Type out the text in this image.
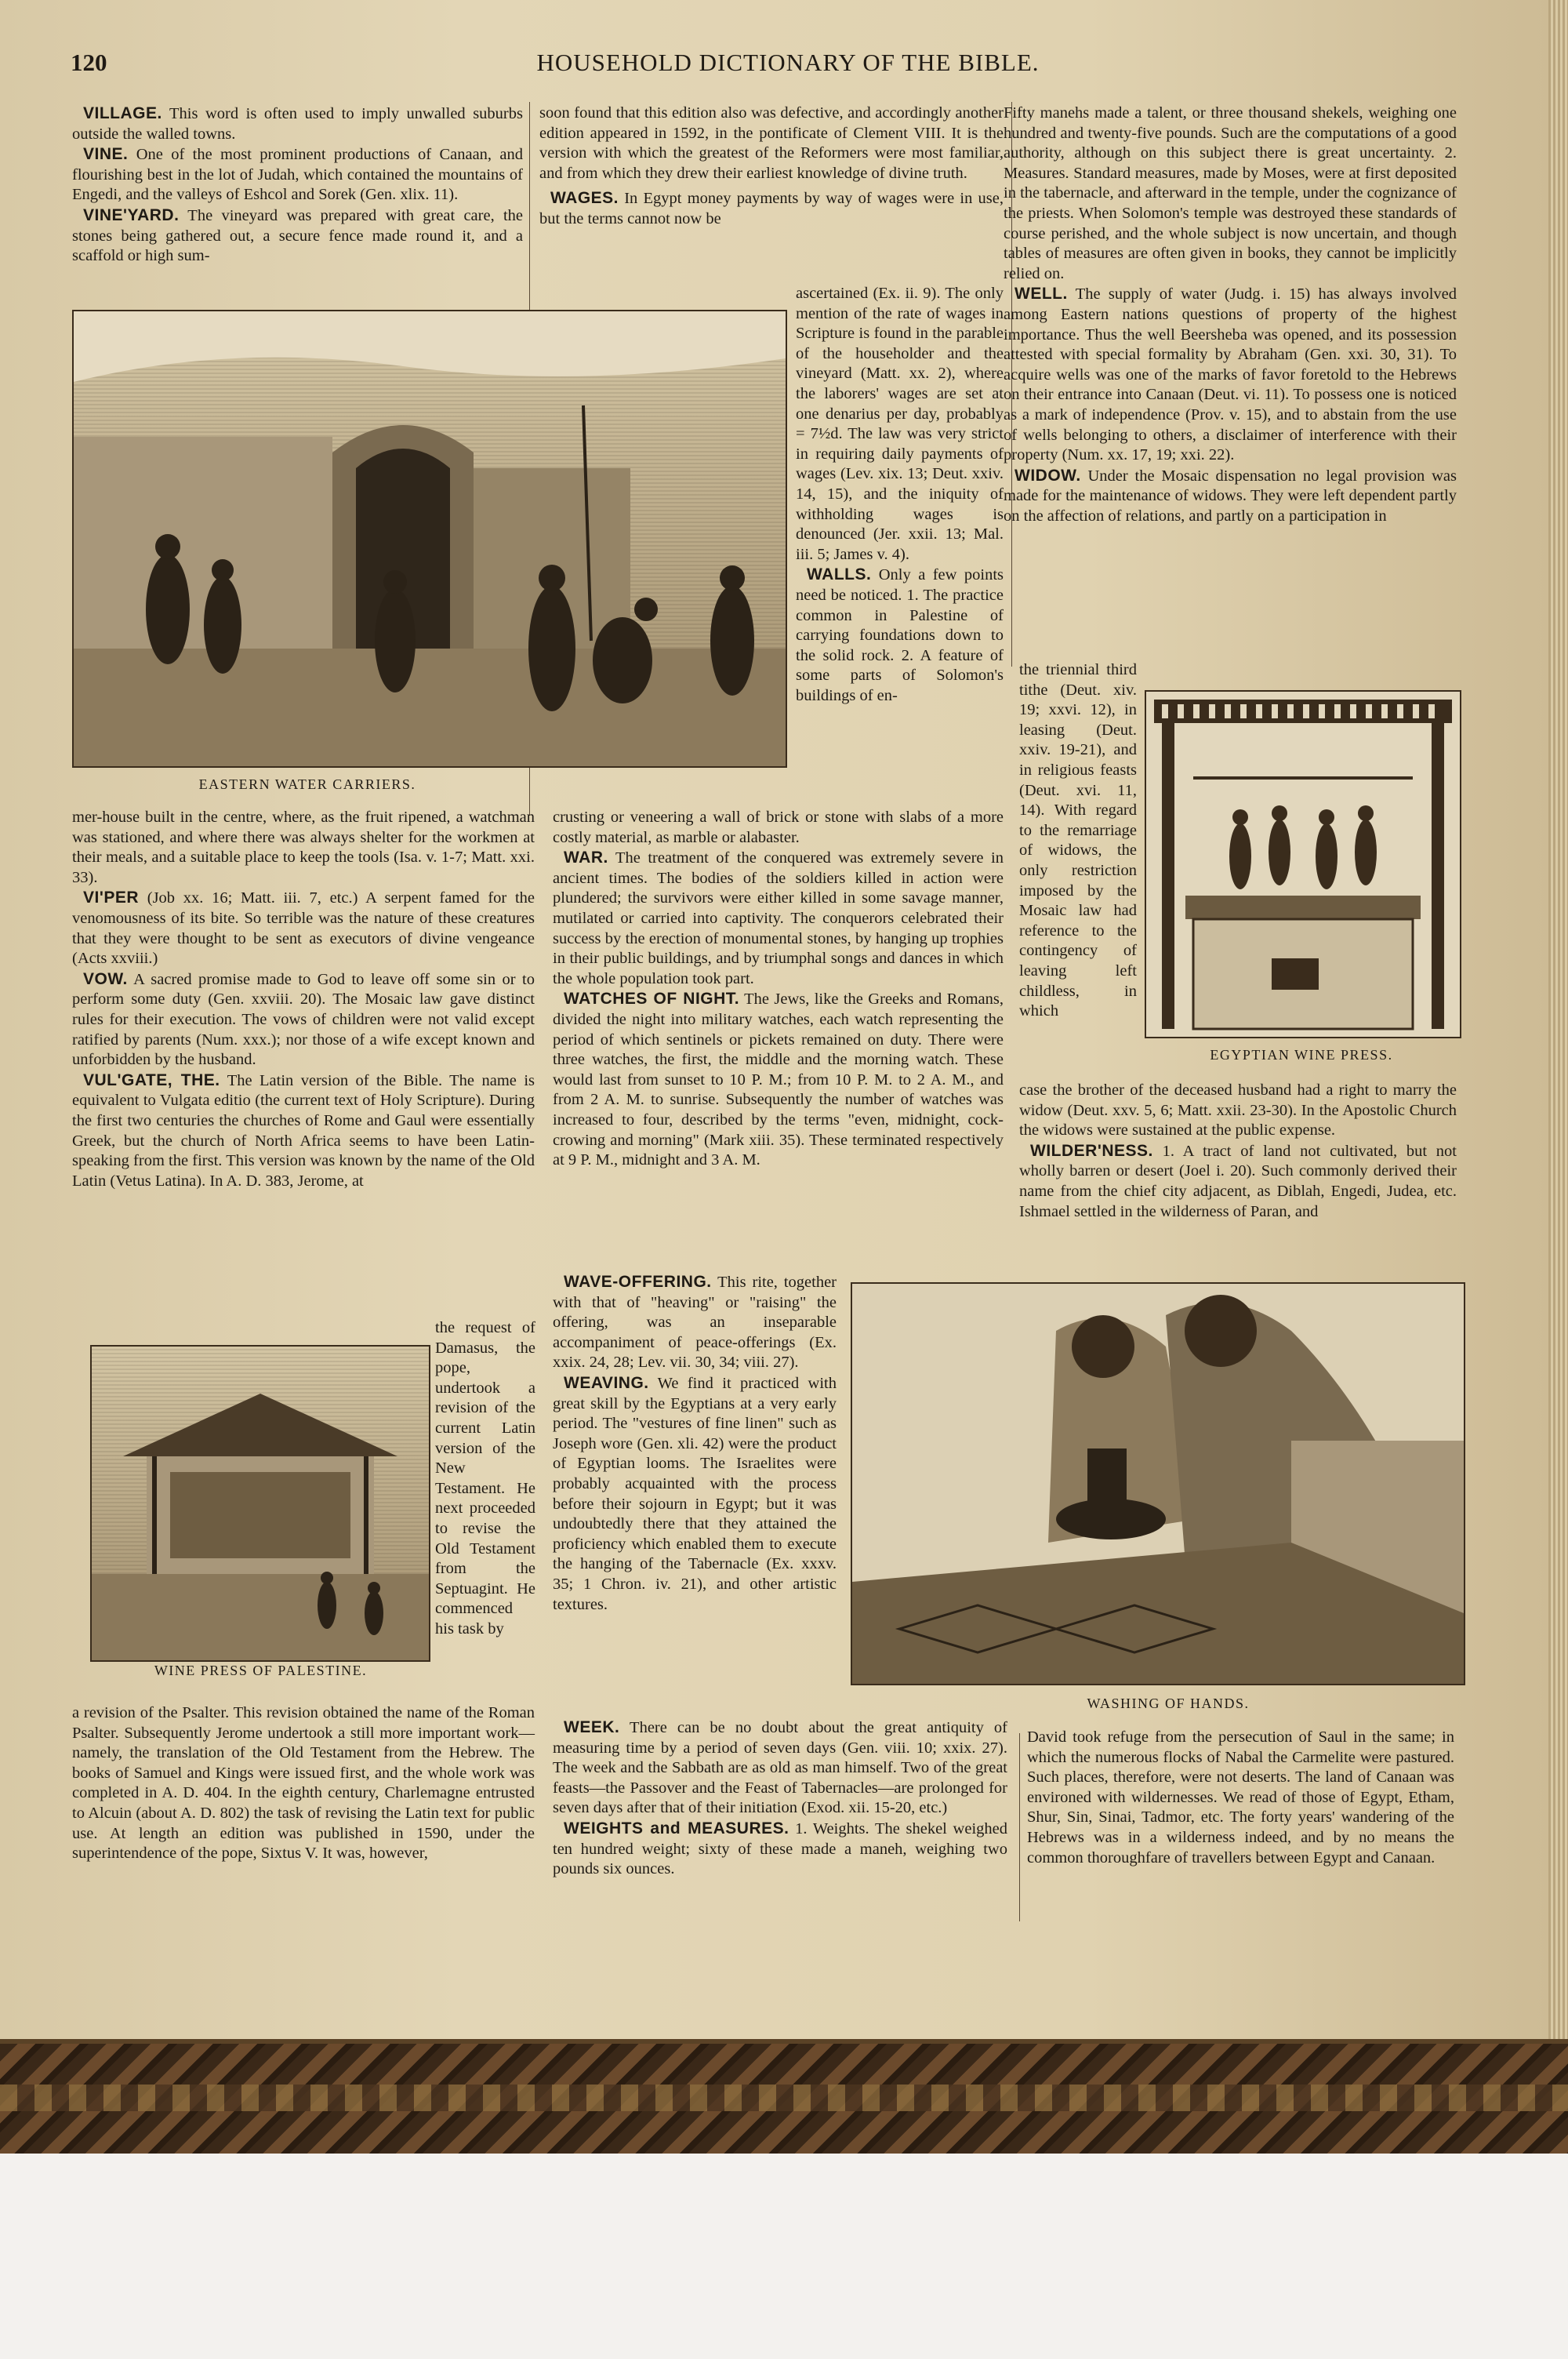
120	HOUSEHOLD DICTIONARY OF THE BIBLE.

VILLAGE. This word is often used to imply unwalled suburbs outside the walled towns.

VINE. One of the most prominent productions of Canaan, and flourishing best in the lot of Judah, which contained the mountains of Engedi, and the valleys of Eshcol and Sorek (Gen. xlix. 11).

VINE'YARD. The vineyard was prepared with great care, the stones being gathered out, a secure fence made round it, and a scaffold or high sum-

EASTERN WATER CARRIERS.

mer-house built in the centre, where, as the fruit ripened, a watchman was stationed, and where there was always shelter for the workmen at their meals, and a suitable place to keep the tools (Isa. v. 1-7; Matt. xxi. 33).

VI'PER (Job xx. 16; Matt. iii. 7, etc.) A serpent famed for the venomousness of its bite. So terrible was the nature of these creatures that they were thought to be sent as executors of divine vengeance (Acts xxviii.)

VOW. A sacred promise made to God to leave off some sin or to perform some duty (Gen. xxviii. 20). The Mosaic law gave distinct rules for their execution. The vows of children were not valid except ratified by parents (Num. xxx.); nor those of a wife except known and unforbidden by the husband.

VUL'GATE, THE. The Latin version of the Bible. The name is equivalent to Vulgata editio (the current text of Holy Scripture). During the first two centuries the churches of Rome and Gaul were essentially Greek, but the church of North Africa seems to have been Latin-speaking from the first. This version was known by the name of the Old Latin (Vetus Latina). In A. D. 383, Jerome, at

WINE PRESS OF PALESTINE.

the request of Damasus, the pope, undertook a revision of the current Latin version of the New Testament. He next proceeded to revise the Old Testament from the Septuagint. He commenced his task by

a revision of the Psalter. This revision obtained the name of the Roman Psalter. Subsequently Jerome undertook a still more important work—namely, the translation of the Old Testament from the Hebrew. The books of Samuel and Kings were issued first, and the whole work was completed in A. D. 404. In the eighth century, Charlemagne entrusted to Alcuin (about A. D. 802) the task of revising the Latin text for public use. At length an edition was published in 1590, under the superintendence of the pope, Sixtus V. It was, however,

soon found that this edition also was defective, and accordingly another edition appeared in 1592, in the pontificate of Clement VIII. It is the version with which the greatest of the Reformers were most familiar, and from which they drew their earliest knowledge of divine truth.

WAGES. In Egypt money payments by way of wages were in use, but the terms cannot now be

ascertained (Ex. ii. 9). The only mention of the rate of wages in Scripture is found in the parable of the householder and the vineyard (Matt. xx. 2), where the laborers' wages are set at one denarius per day, probably = 7½d. The law was very strict in requiring daily payments of wages (Lev. xix. 13; Deut. xxiv. 14, 15), and the iniquity of withholding wages is denounced (Jer. xxii. 13; Mal. iii. 5; James v. 4).

WALLS. Only a few points need be noticed. 1. The practice common in Palestine of carrying foundations down to the solid rock. 2. A feature of some parts of Solomon's buildings of en-

crusting or veneering a wall of brick or stone with slabs of a more costly material, as marble or alabaster.

WAR. The treatment of the conquered was extremely severe in ancient times. The bodies of the soldiers killed in action were plundered; the survivors were either killed in some savage manner, mutilated or carried into captivity. The conquerors celebrated their success by the erection of monumental stones, by hanging up trophies in their public buildings, and by triumphal songs and dances in which the whole population took part.

WATCHES OF NIGHT. The Jews, like the Greeks and Romans, divided the night into military watches, each watch representing the period of which sentinels or pickets remained on duty. There were three watches, the first, the middle and the morning watch. These would last from sunset to 10 P. M.; from 10 P. M. to 2 A. M., and from 2 A. M. to sunrise. Subsequently the number of watches was increased to four, described by the terms "even, midnight, cock-crowing and morning" (Mark xiii. 35). These terminated respectively at 9 P. M., midnight and 3 A. M.

WAVE-OFFERING. This rite, together with that of "heaving" or "raising" the offering, was an inseparable accompaniment of peace-offerings (Ex. xxix. 24, 28; Lev. vii. 30, 34; viii. 27).

WEAVING. We find it practiced with great skill by the Egyptians at a very early period. The "vestures of fine linen" such as Joseph wore (Gen. xli. 42) were the product of Egyptian looms. The Israelites were probably acquainted with the process before their sojourn in Egypt; but it was undoubtedly there that they attained the proficiency which enabled them to execute the hanging of the Tabernacle (Ex. xxxv. 35; 1 Chron. iv. 21), and other artistic textures.

WEEK. There can be no doubt about the great antiquity of measuring time by a period of seven days (Gen. viii. 10; xxix. 27). The week and the Sabbath are as old as man himself. Two of the great feasts—the Passover and the Feast of Tabernacles—are prolonged for seven days after that of their initiation (Exod. xii. 15-20, etc.)

WEIGHTS and MEASURES. 1. Weights. The shekel weighed ten hundred weight; sixty of these made a maneh, weighing two pounds six ounces.

Fifty manehs made a talent, or three thousand shekels, weighing one hundred and twenty-five pounds. Such are the computations of a good authority, although on this subject there is great uncertainty. 2. Measures. Standard measures, made by Moses, were at first deposited in the tabernacle, and afterward in the temple, under the cognizance of the priests. When Solomon's temple was destroyed these standards of course perished, and the whole subject is now uncertain, and though tables of measures are often given in books, they cannot be implicitly relied on.

WELL. The supply of water (Judg. i. 15) has always involved among Eastern nations questions of property of the highest importance. Thus the well Beersheba was opened, and its possession attested with special formality by Abraham (Gen. xxi. 30, 31). To acquire wells was one of the marks of favor foretold to the Hebrews on their entrance into Canaan (Deut. vi. 11). To possess one is noticed as a mark of independence (Prov. v. 15), and to abstain from the use of wells belonging to others, a disclaimer of interference with their property (Num. xx. 17, 19; xxi. 22).

WIDOW. Under the Mosaic dispensation no legal provision was made for the maintenance of widows. They were left dependent partly on the affection of relations, and partly on a participation in

EGYPTIAN WINE PRESS.

the triennial third tithe (Deut. xiv. 19; xxvi. 12), in leasing (Deut. xxiv. 19-21), and in religious feasts (Deut. xvi. 11, 14). With regard to the remarriage of widows, the only restriction imposed by the Mosaic law had reference to the contingency of leaving left childless, in which

case the brother of the deceased husband had a right to marry the widow (Deut. xxv. 5, 6; Matt. xxii. 23-30). In the Apostolic Church the widows were sustained at the public expense.

WILDER'NESS. 1. A tract of land not cultivated, but not wholly barren or desert (Joel i. 20). Such commonly derived their name from the chief city adjacent, as Diblah, Engedi, Judea, etc. Ishmael settled in the wilderness of Paran, and

WASHING OF HANDS.

David took refuge from the persecution of Saul in the same; in which the numerous flocks of Nabal the Carmelite were pastured. Such places, therefore, were not deserts. The land of Canaan was environed with wildernesses. We read of those of Egypt, Etham, Shur, Sin, Sinai, Tadmor, etc. The forty years' wandering of the Hebrews was in a wilderness indeed, and by no means the common thoroughfare of travellers between Egypt and Canaan.
